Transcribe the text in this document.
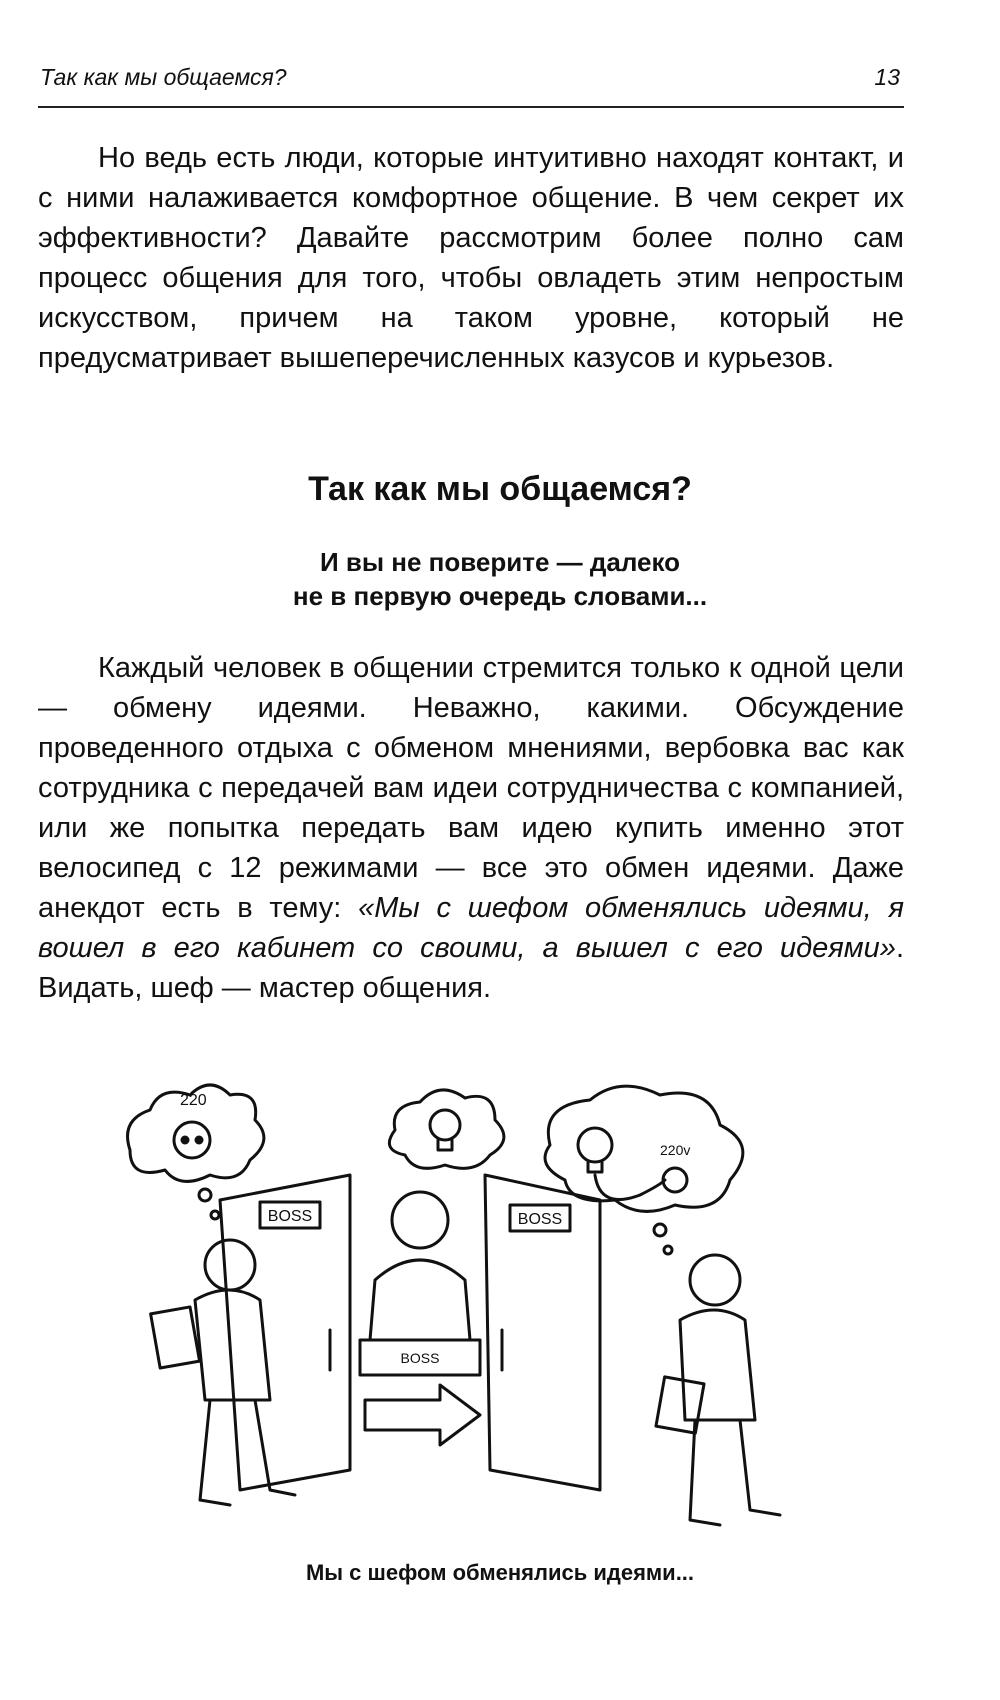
Так как мы общаемся?	13
Но ведь есть люди, которые интуитивно находят контакт, и с ними налаживается комфортное общение. В чем секрет их эффективности? Давайте рассмотрим более полно сам процесс общения для того, чтобы овладеть этим непростым искусством, причем на таком уровне, который не предусматривает вышеперечисленных казусов и курьезов.
Так как мы общаемся?
И вы не поверите — далеко
не в первую очередь словами...
Каждый человек в общении стремится только к одной цели — обмену идеями. Неважно, какими. Обсуждение проведенного отдыха с обменом мнениями, вербовка вас как сотрудника с передачей вам идеи сотрудничества с компанией, или же попытка передать вам идею купить именно этот велосипед с 12 режимами — все это обмен идеями. Даже анекдот есть в тему: «Мы с шефом обменялись идеями, я вошел в его кабинет со своими, а вышел с его идеями». Видать, шеф — мастер общения.
BOSS	BOSS
BOSS
220
220v
Мы с шефом обменялись идеями...
